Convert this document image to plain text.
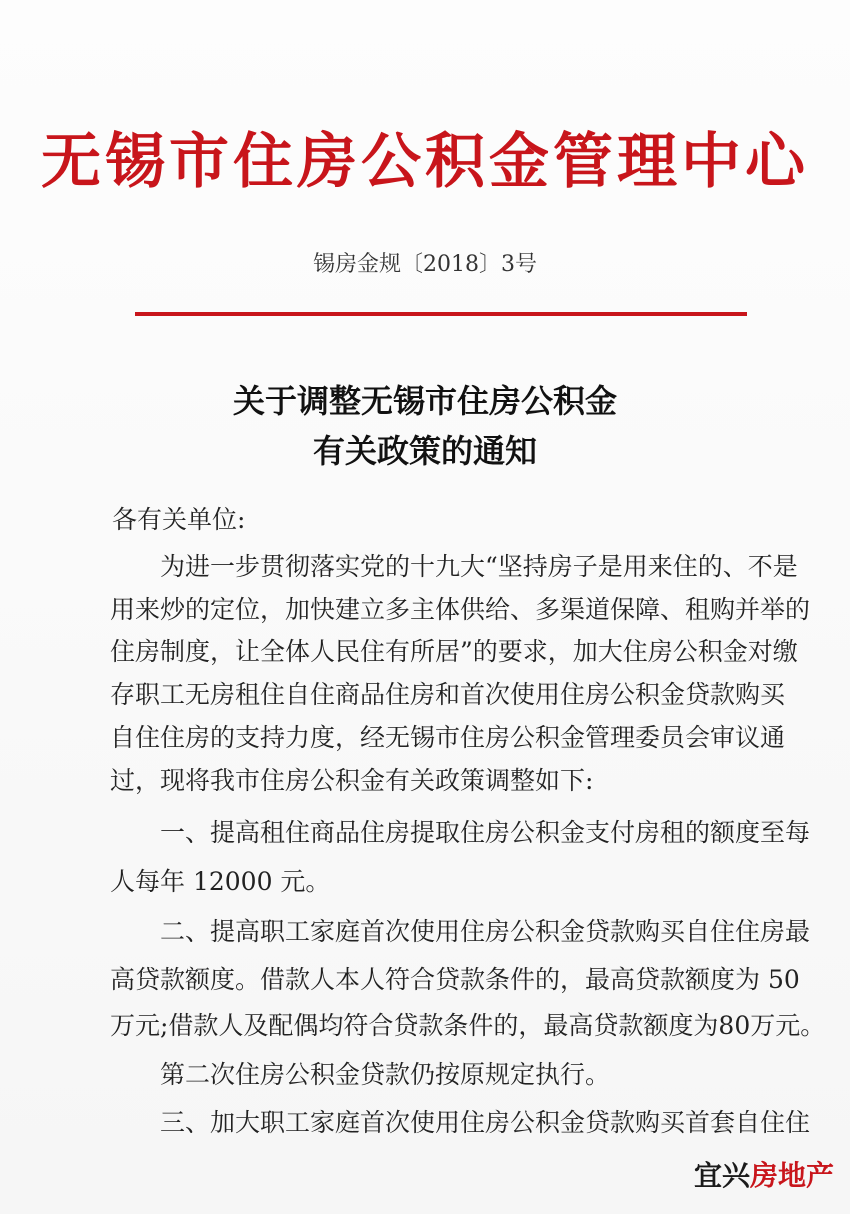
无锡市住房公积金管理中心
锡房金规〔2018〕3号
关于调整无锡市住房公积金
有关政策的通知
各有关单位:
为进一步贯彻落实党的十九大“坚持房子是用来住的、不是
用来炒的定位，加快建立多主体供给、多渠道保障、租购并举的
住房制度，让全体人民住有所居”的要求，加大住房公积金对缴
存职工无房租住自住商品住房和首次使用住房公积金贷款购买
自住住房的支持力度，经无锡市住房公积金管理委员会审议通
过，现将我市住房公积金有关政策调整如下:
一、提高租住商品住房提取住房公积金支付房租的额度至每
人每年 12000 元。
二、提高职工家庭首次使用住房公积金贷款购买自住住房最
高贷款额度。借款人本人符合贷款条件的，最高贷款额度为 50
万元;借款人及配偶均符合贷款条件的，最高贷款额度为80万元。
第二次住房公积金贷款仍按原规定执行。
三、加大职工家庭首次使用住房公积金贷款购买首套自住住
宜兴房地产
